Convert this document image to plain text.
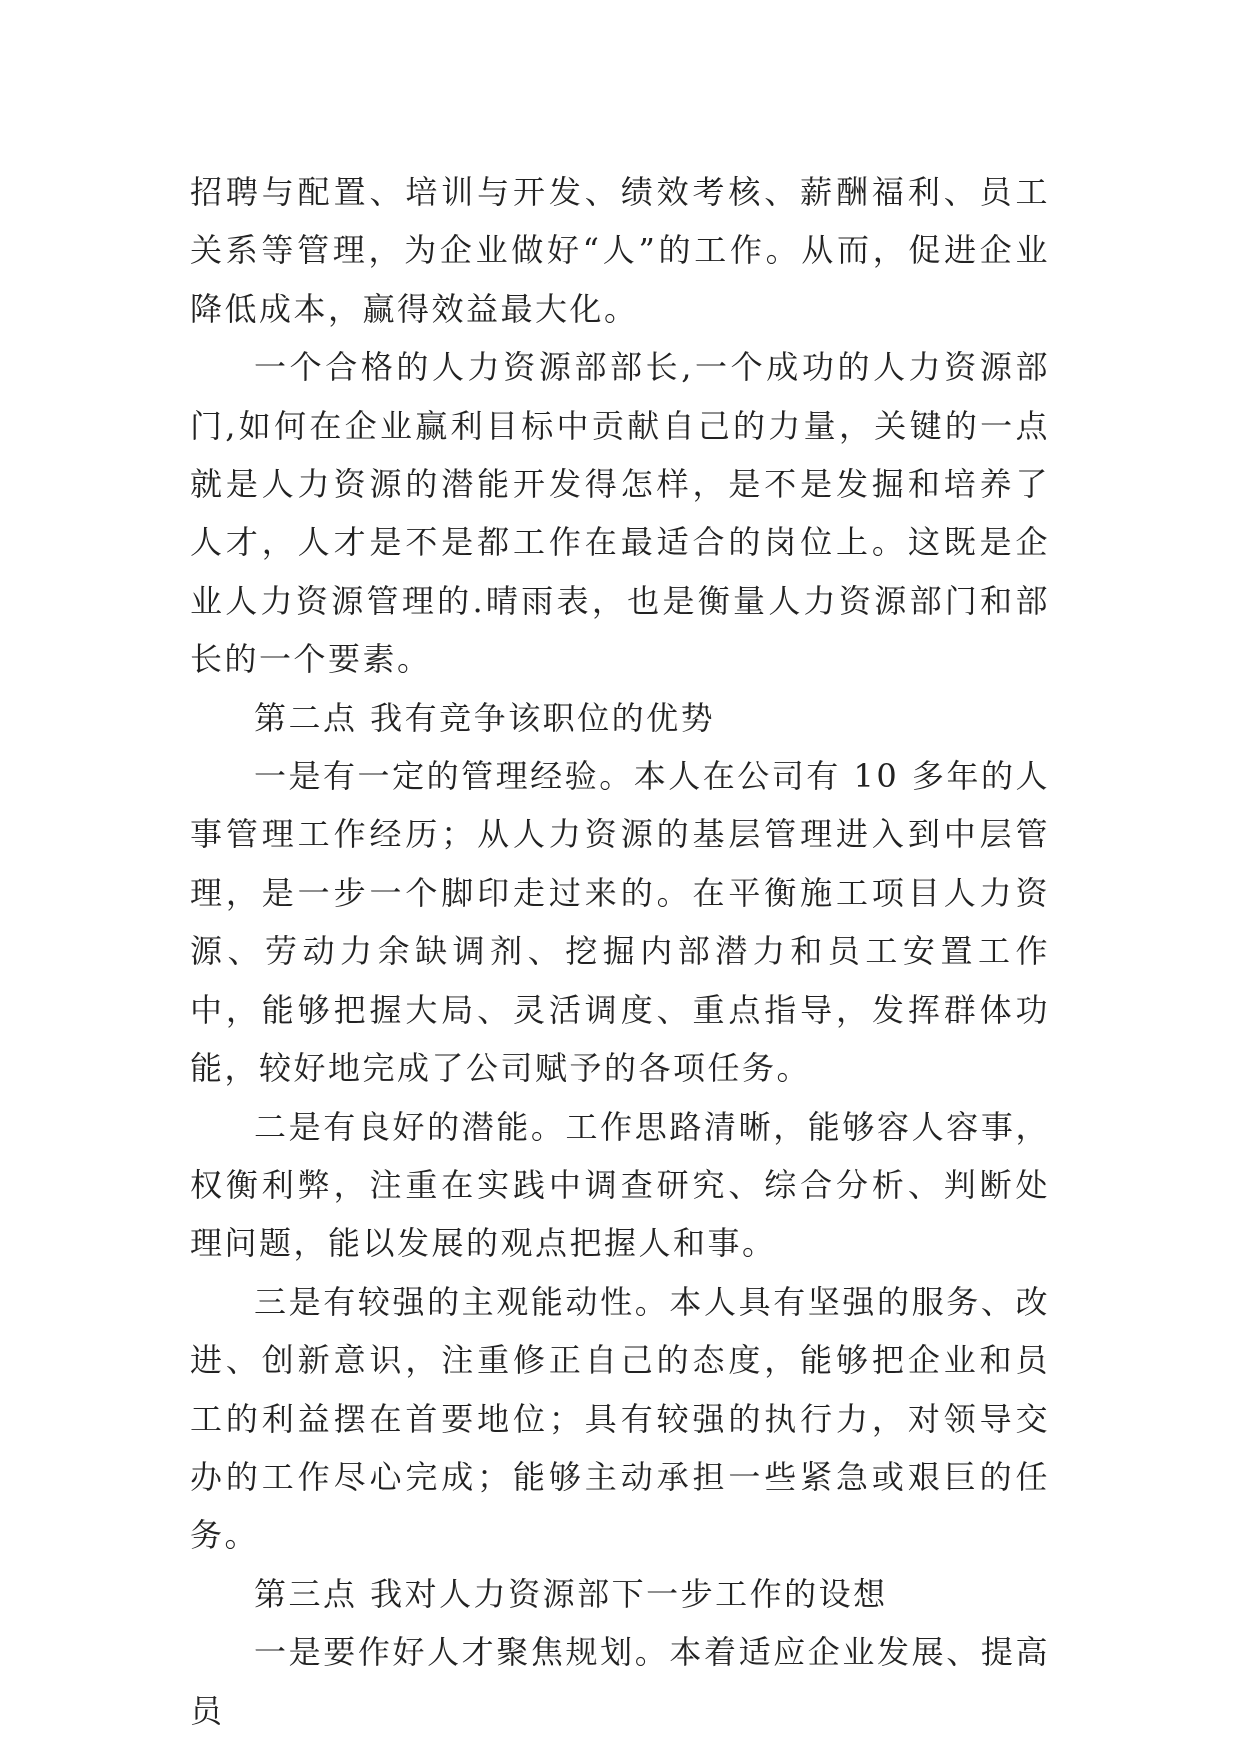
招聘与配置、培训与开发、绩效考核、薪酬福利、员工关系等管理，为企业做好“人”的工作。从而，促进企业降低成本，赢得效益最大化。

一个合格的人力资源部部长,一个成功的人力资源部门,如何在企业赢利目标中贡献自己的力量，关键的一点就是人力资源的潜能开发得怎样，是不是发掘和培养了人才，人才是不是都工作在最适合的岗位上。这既是企业人力资源管理的.晴雨表，也是衡量人力资源部门和部长的一个要素。

第二点 我有竞争该职位的优势

一是有一定的管理经验。本人在公司有 10 多年的人事管理工作经历；从人力资源的基层管理进入到中层管理，是一步一个脚印走过来的。在平衡施工项目人力资源、劳动力余缺调剂、挖掘内部潜力和员工安置工作中，能够把握大局、灵活调度、重点指导，发挥群体功能，较好地完成了公司赋予的各项任务。

二是有良好的潜能。工作思路清晰，能够容人容事，权衡利弊，注重在实践中调查研究、综合分析、判断处理问题，能以发展的观点把握人和事。

三是有较强的主观能动性。本人具有坚强的服务、改进、创新意识，注重修正自己的态度，能够把企业和员工的利益摆在首要地位；具有较强的执行力，对领导交办的工作尽心完成；能够主动承担一些紧急或艰巨的任务。

第三点 我对人力资源部下一步工作的设想

一是要作好人才聚焦规划。本着适应企业发展、提高员
